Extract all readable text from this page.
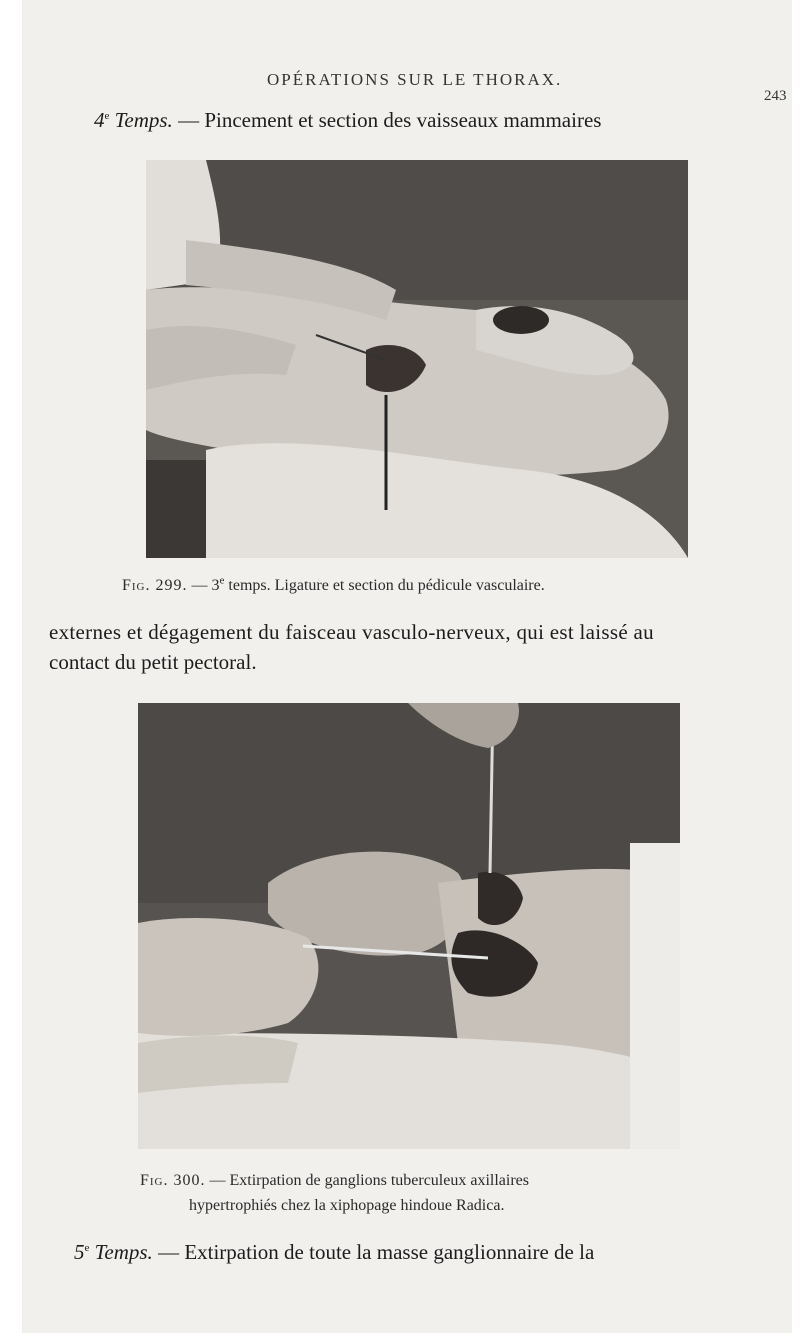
OPÉRATIONS SUR LE THORAX.
243
4e Temps. — Pincement et section des vaisseaux mammaires
Fig. 299. — 3e temps. Ligature et section du pédicule vasculaire.
externes et dégagement du faisceau vasculo-nerveux, qui est laissé au
contact du petit pectoral.
Fig. 300. — Extirpation de ganglions tuberculeux axillaires
hypertrophiés chez la xiphopage hindoue Radica.
5e Temps. — Extirpation de toute la masse ganglionnaire de la
